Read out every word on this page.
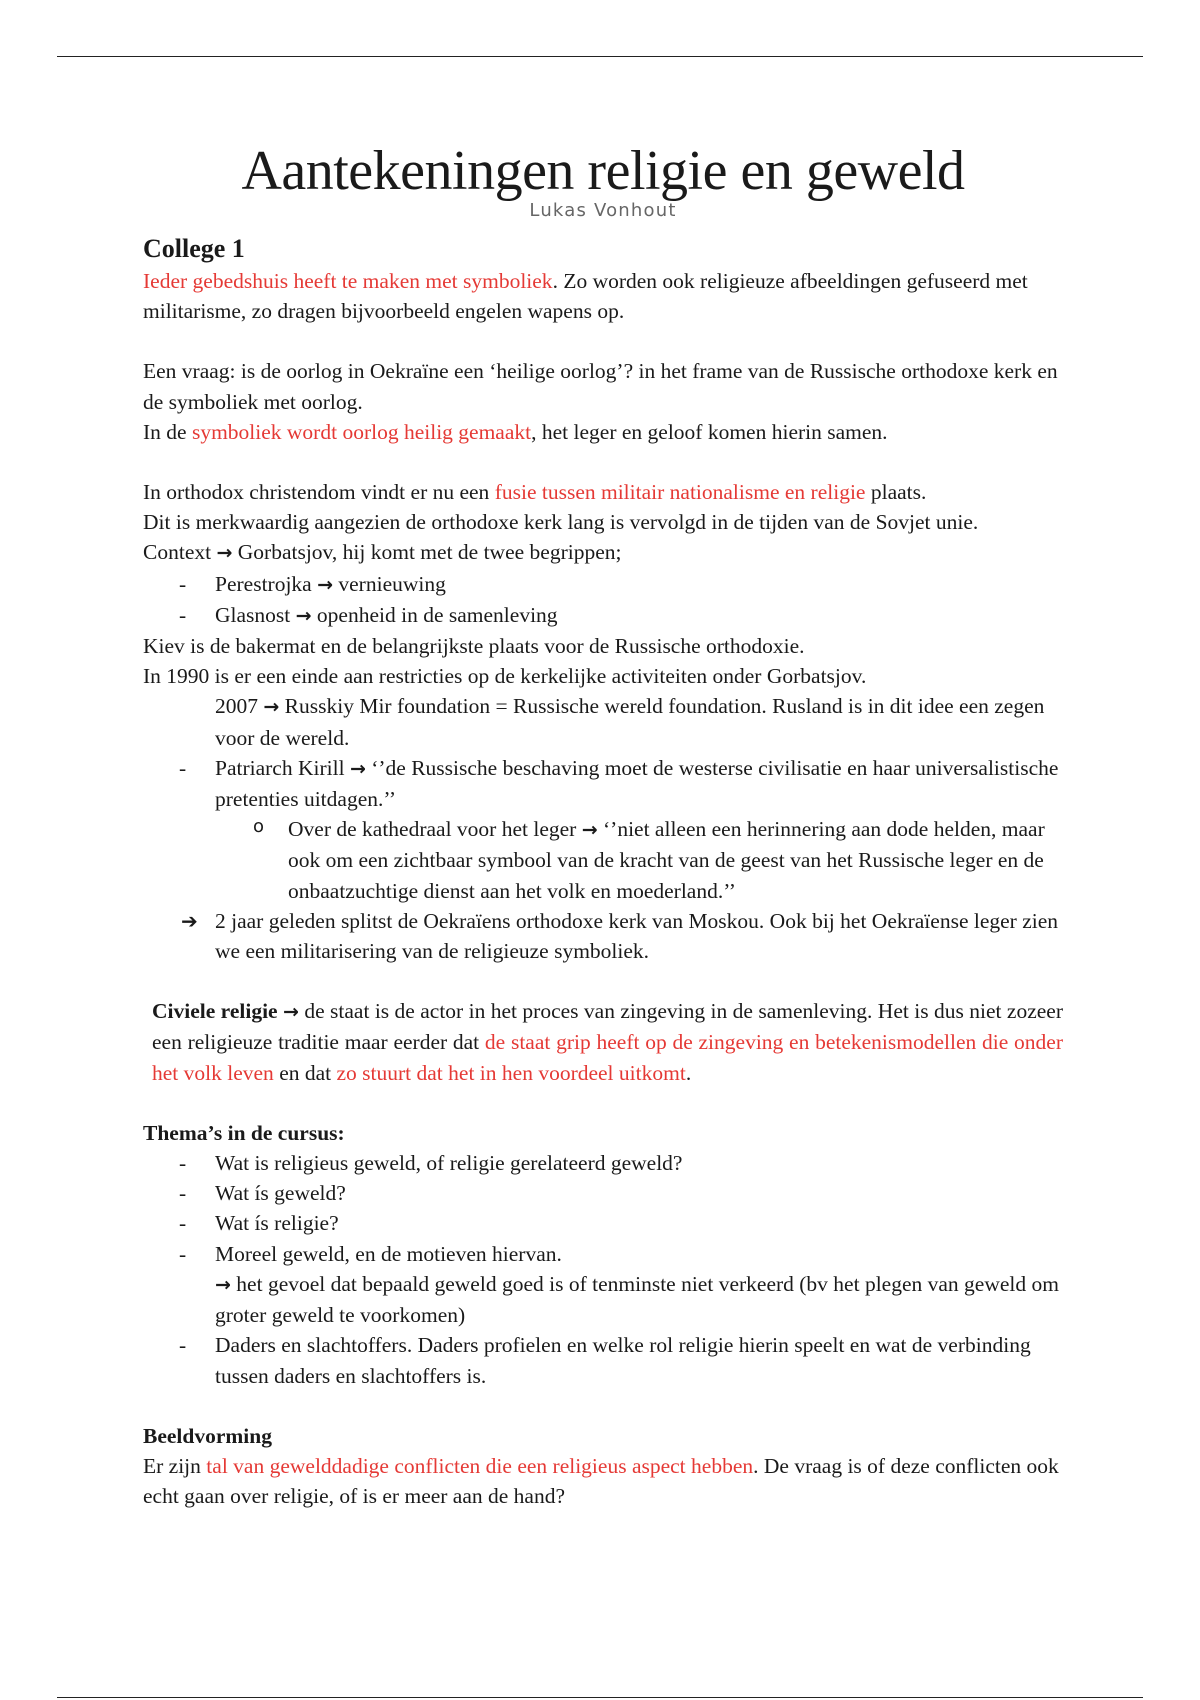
Aantekeningen religie en geweld
Lukas Vonhout
College 1

Ieder gebedshuis heeft te maken met symboliek. Zo worden ook religieuze afbeeldingen gefuseerd met militarisme, zo dragen bijvoorbeeld engelen wapens op.

Een vraag: is de oorlog in Oekraïne een ‘heilige oorlog’? in het frame van de Russische orthodoxe kerk en de symboliek met oorlog.

In de symboliek wordt oorlog heilig gemaakt, het leger en geloof komen hierin samen.

In orthodox christendom vindt er nu een fusie tussen militair nationalisme en religie plaats.

Dit is merkwaardig aangezien de orthodoxe kerk lang is vervolgd in de tijden van de Sovjet unie.

Context → Gorbatsjov, hij komt met de twee begrippen;

- Perestrojka → vernieuwing
- Glasnost → openheid in de samenleving

Kiev is de bakermat en de belangrijkste plaats voor de Russische orthodoxie.

In 1990 is er een einde aan restricties op de kerkelijke activiteiten onder Gorbatsjov.

2007 → Russkiy Mir foundation = Russische wereld foundation. Rusland is in dit idee een zegen voor de wereld.
- Patriarch Kirill → ‘’de Russische beschaving moet de westerse civilisatie en haar universalistische pretenties uitdagen.’’
o Over de kathedraal voor het leger → ‘’niet alleen een herinnering aan dode helden, maar ook om een zichtbaar symbool van de kracht van de geest van het Russische leger en de onbaatzuchtige dienst aan het volk en moederland.’’
➔ 2 jaar geleden splitst de Oekraïens orthodoxe kerk van Moskou. Ook bij het Oekraïense leger zien we een militarisering van de religieuze symboliek.

Civiele religie → de staat is de actor in het proces van zingeving in de samenleving. Het is dus niet zozeer een religieuze traditie maar eerder dat de staat grip heeft op de zingeving en betekenismodellen die onder het volk leven en dat zo stuurt dat het in hen voordeel uitkomt.

Thema’s in de cursus:

- Wat is religieus geweld, of religie gerelateerd geweld?
- Wat ís geweld?
- Wat ís religie?
- Moreel geweld, en de motieven hiervan.
→ het gevoel dat bepaald geweld goed is of tenminste niet verkeerd (bv het plegen van geweld om groter geweld te voorkomen)
- Daders en slachtoffers. Daders profielen en welke rol religie hierin speelt en wat de verbinding tussen daders en slachtoffers is.

Beeldvorming

Er zijn tal van gewelddadige conflicten die een religieus aspect hebben. De vraag is of deze conflicten ook echt gaan over religie, of is er meer aan de hand?
